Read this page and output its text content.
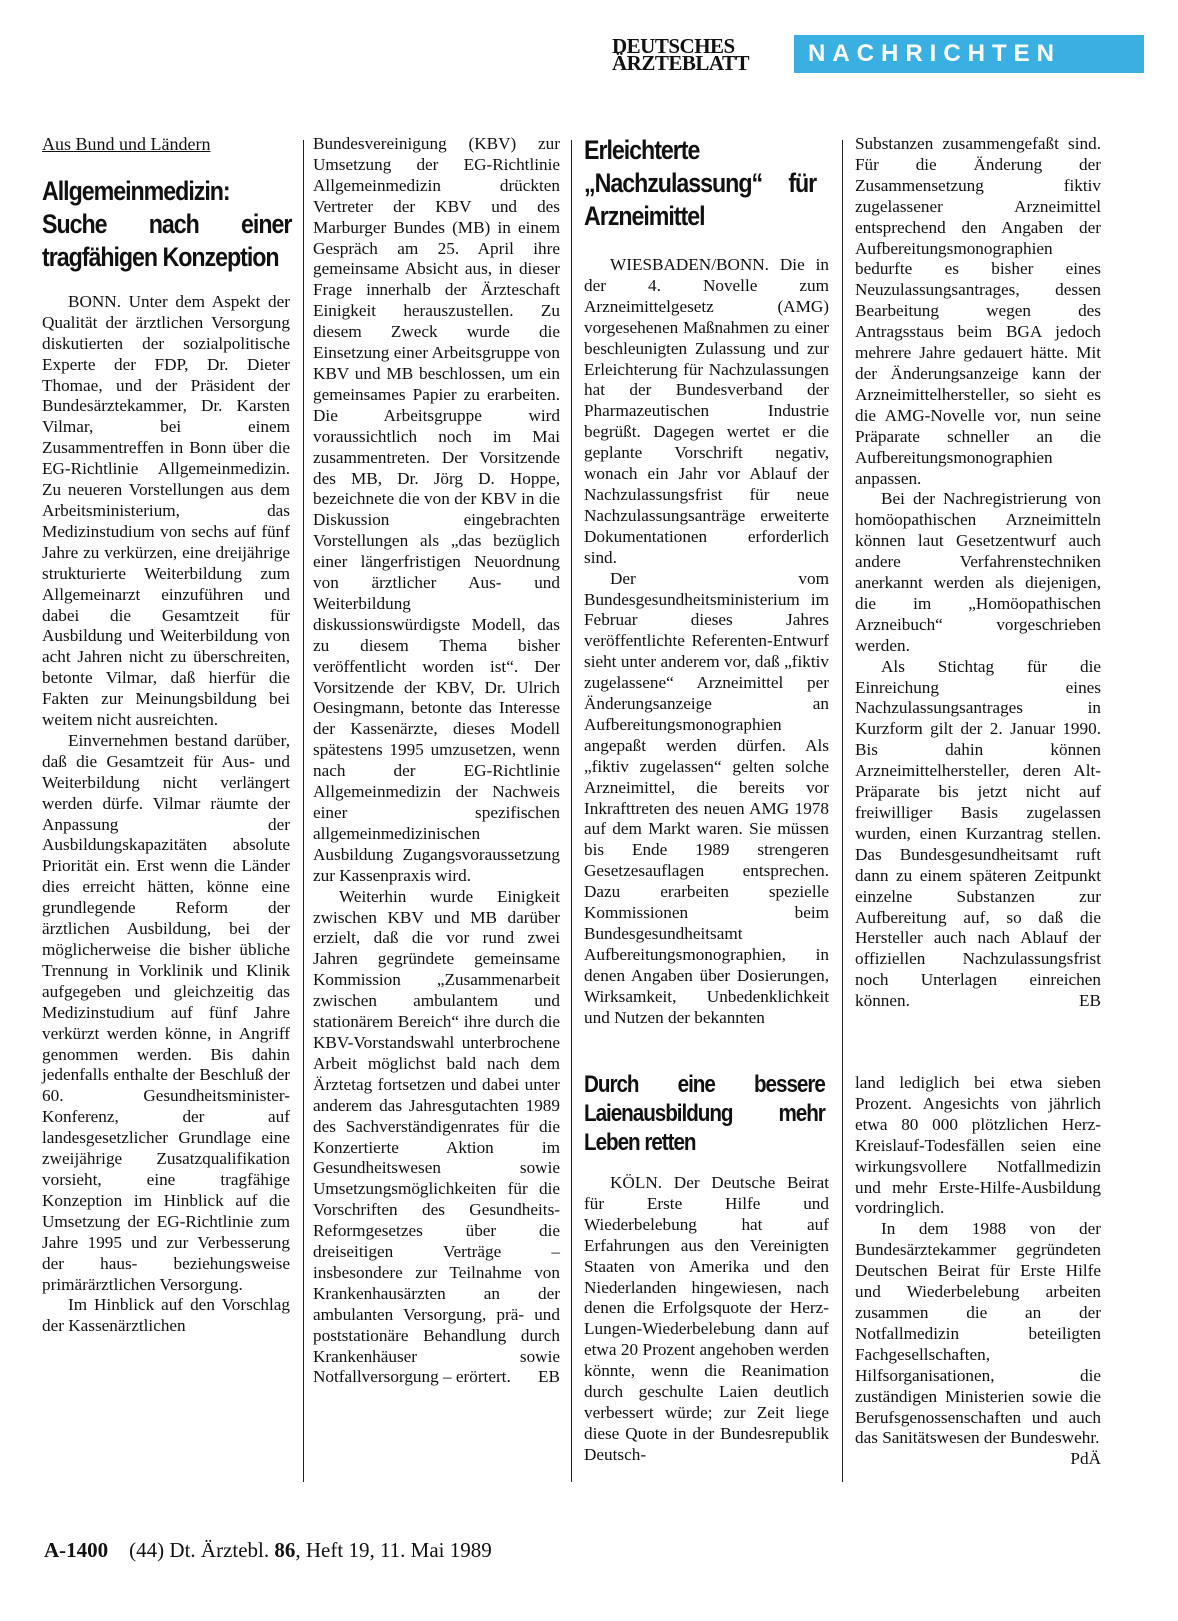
DEUTSCHES
ÄRZTEBLATT	NACHRICHTEN
Aus Bund und Ländern
Allgemeinmedizin: Suche nach einer tragfähigen Konzeption

BONN. Unter dem Aspekt der Qualität der ärztlichen Versorgung diskutierten der sozialpolitische Experte der FDP, Dr. Dieter Thomae, und der Präsident der Bundesärztekammer, Dr. Karsten Vilmar, bei einem Zusammentreffen in Bonn über die EG-Richtlinie Allgemeinmedizin. Zu neueren Vorstellungen aus dem Arbeitsministerium, das Medizinstudium von sechs auf fünf Jahre zu verkürzen, eine dreijährige strukturierte Weiterbildung zum Allgemeinarzt einzuführen und dabei die Gesamtzeit für Ausbildung und Weiterbildung von acht Jahren nicht zu überschreiten, betonte Vilmar, daß hierfür die Fakten zur Meinungsbildung bei weitem nicht ausreichten.

Einvernehmen bestand darüber, daß die Gesamtzeit für Aus- und Weiterbildung nicht verlängert werden dürfe. Vilmar räumte der Anpassung der Ausbildungskapazitäten absolute Priorität ein. Erst wenn die Länder dies erreicht hätten, könne eine grundlegende Reform der ärztlichen Ausbildung, bei der möglicherweise die bisher übliche Trennung in Vorklinik und Klinik aufgegeben und gleichzeitig das Medizinstudium auf fünf Jahre verkürzt werden könne, in Angriff genommen werden. Bis dahin jedenfalls enthalte der Beschluß der 60. Gesundheitsminister-Konferenz, der auf landesgesetzlicher Grundlage eine zweijährige Zusatzqualifikation vorsieht, eine tragfähige Konzeption im Hinblick auf die Umsetzung der EG-Richtlinie zum Jahre 1995 und zur Verbesserung der haus- beziehungsweise primärärztlichen Versorgung.

Im Hinblick auf den Vorschlag der Kassenärztlichen

Bundesvereinigung (KBV) zur Umsetzung der EG-Richtlinie Allgemeinmedizin drückten Vertreter der KBV und des Marburger Bundes (MB) in einem Gespräch am 25. April ihre gemeinsame Absicht aus, in dieser Frage innerhalb der Ärzteschaft Einigkeit herauszustellen. Zu diesem Zweck wurde die Einsetzung einer Arbeitsgruppe von KBV und MB beschlossen, um ein gemeinsames Papier zu erarbeiten. Die Arbeitsgruppe wird voraussichtlich noch im Mai zusammentreten. Der Vorsitzende des MB, Dr. Jörg D. Hoppe, bezeichnete die von der KBV in die Diskussion eingebrachten Vorstellungen als „das bezüglich einer längerfristigen Neuordnung von ärztlicher Aus- und Weiterbildung diskussionswürdigste Modell, das zu diesem Thema bisher veröffentlicht worden ist“. Der Vorsitzende der KBV, Dr. Ulrich Oesingmann, betonte das Interesse der Kassenärzte, dieses Modell spätestens 1995 umzusetzen, wenn nach der EG-Richtlinie Allgemeinmedizin der Nachweis einer spezifischen allgemeinmedizinischen Ausbildung Zugangsvoraussetzung zur Kassenpraxis wird.

Weiterhin wurde Einigkeit zwischen KBV und MB darüber erzielt, daß die vor rund zwei Jahren gegründete gemeinsame Kommission „Zusammenarbeit zwischen ambulantem und stationärem Bereich“ ihre durch die KBV-Vorstandswahl unterbrochene Arbeit möglichst bald nach dem Ärztetag fortsetzen und dabei unter anderem das Jahresgutachten 1989 des Sachverständigenrates für die Konzertierte Aktion im Gesundheitswesen sowie Umsetzungsmöglichkeiten für die Vorschriften des Gesundheits-Reformgesetzes über die dreiseitigen Verträge – insbesondere zur Teilnahme von Krankenhausärzten an der ambulanten Versorgung, prä- und poststationäre Behandlung durch Krankenhäuser sowie Notfallversorgung – erörtert.	EB

Erleichterte „Nachzulassung“ für Arzneimittel

WIESBADEN/BONN. Die in der 4. Novelle zum Arzneimittelgesetz (AMG) vorgesehenen Maßnahmen zu einer beschleunigten Zulassung und zur Erleichterung für Nachzulassungen hat der Bundesverband der Pharmazeutischen Industrie begrüßt. Dagegen wertet er die geplante Vorschrift negativ, wonach ein Jahr vor Ablauf der Nachzulassungsfrist für neue Nachzulassungsanträge erweiterte Dokumentationen erforderlich sind.

Der vom Bundesgesundheitsministerium im Februar dieses Jahres veröffentlichte Referenten-Entwurf sieht unter anderem vor, daß „fiktiv zugelassene“ Arzneimittel per Änderungsanzeige an Aufbereitungsmonographien angepaßt werden dürfen. Als „fiktiv zugelassen“ gelten solche Arzneimittel, die bereits vor Inkrafttreten des neuen AMG 1978 auf dem Markt waren. Sie müssen bis Ende 1989 strengeren Gesetzesauflagen entsprechen. Dazu erarbeiten spezielle Kommissionen beim Bundesgesundheitsamt Aufbereitungsmonographien, in denen Angaben über Dosierungen, Wirksamkeit, Unbedenklichkeit und Nutzen der bekannten

Substanzen zusammengefaßt sind. Für die Änderung der Zusammensetzung fiktiv zugelassener Arzneimittel entsprechend den Angaben der Aufbereitungsmonographien bedurfte es bisher eines Neuzulassungsantrages, dessen Bearbeitung wegen des Antragsstaus beim BGA jedoch mehrere Jahre gedauert hätte. Mit der Änderungsanzeige kann der Arzneimittelhersteller, so sieht es die AMG-Novelle vor, nun seine Präparate schneller an die Aufbereitungsmonographien anpassen.

Bei der Nachregistrierung von homöopathischen Arzneimitteln können laut Gesetzentwurf auch andere Verfahrenstechniken anerkannt werden als diejenigen, die im „Homöopathischen Arzneibuch“ vorgeschrieben werden.

Als Stichtag für die Einreichung eines Nachzulassungsantrages in Kurzform gilt der 2. Januar 1990. Bis dahin können Arzneimittelhersteller, deren Alt-Präparate bis jetzt nicht auf freiwilliger Basis zugelassen wurden, einen Kurzantrag stellen. Das Bundesgesundheitsamt ruft dann zu einem späteren Zeitpunkt einzelne Substanzen zur Aufbereitung auf, so daß die Hersteller auch nach Ablauf der offiziellen Nachzulassungsfrist noch Unterlagen einreichen können.	EB

Durch eine bessere Laienausbildung mehr Leben retten

KÖLN. Der Deutsche Beirat für Erste Hilfe und Wiederbelebung hat auf Erfahrungen aus den Vereinigten Staaten von Amerika und den Niederlanden hingewiesen, nach denen die Erfolgsquote der Herz-Lungen-Wiederbelebung dann auf etwa 20 Prozent angehoben werden könnte, wenn die Reanimation durch geschulte Laien deutlich verbessert würde; zur Zeit liege diese Quote in der Bundesrepublik Deutsch-

land lediglich bei etwa sieben Prozent. Angesichts von jährlich etwa 80 000 plötzlichen Herz-Kreislauf-Todesfällen seien eine wirkungsvollere Notfallmedizin und mehr Erste-Hilfe-Ausbildung vordringlich.

In dem 1988 von der Bundesärztekammer gegründeten Deutschen Beirat für Erste Hilfe und Wiederbelebung arbeiten zusammen die an der Notfallmedizin beteiligten Fachgesellschaften, Hilfsorganisationen, die zuständigen Ministerien sowie die Berufsgenossenschaften und auch das Sanitätswesen der Bundeswehr.
PdÄ

A-1400 (44) Dt. Ärztebl. 86, Heft 19, 11. Mai 1989
